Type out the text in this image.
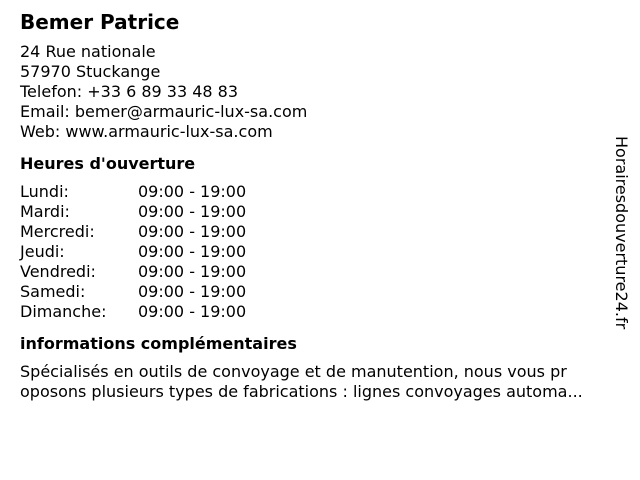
Bemer Patrice
24 Rue nationale
57970 Stuckange
Telefon: +33 6 89 33 48 83
Email: bemer@armauric-lux-sa.com
Web: www.armauric-lux-sa.com
Heures d'ouverture
Lundi:	09:00 - 19:00
Mardi:	09:00 - 19:00
Mercredi:	09:00 - 19:00
Jeudi:	09:00 - 19:00
Vendredi:	09:00 - 19:00
Samedi:	09:00 - 19:00
Dimanche:	09:00 - 19:00
informations complémentaires
Spécialisés en outils de convoyage et de manutention, nous vous pr
oposons plusieurs types de fabrications : lignes convoyages automa...
Horairesdouverture24.fr
